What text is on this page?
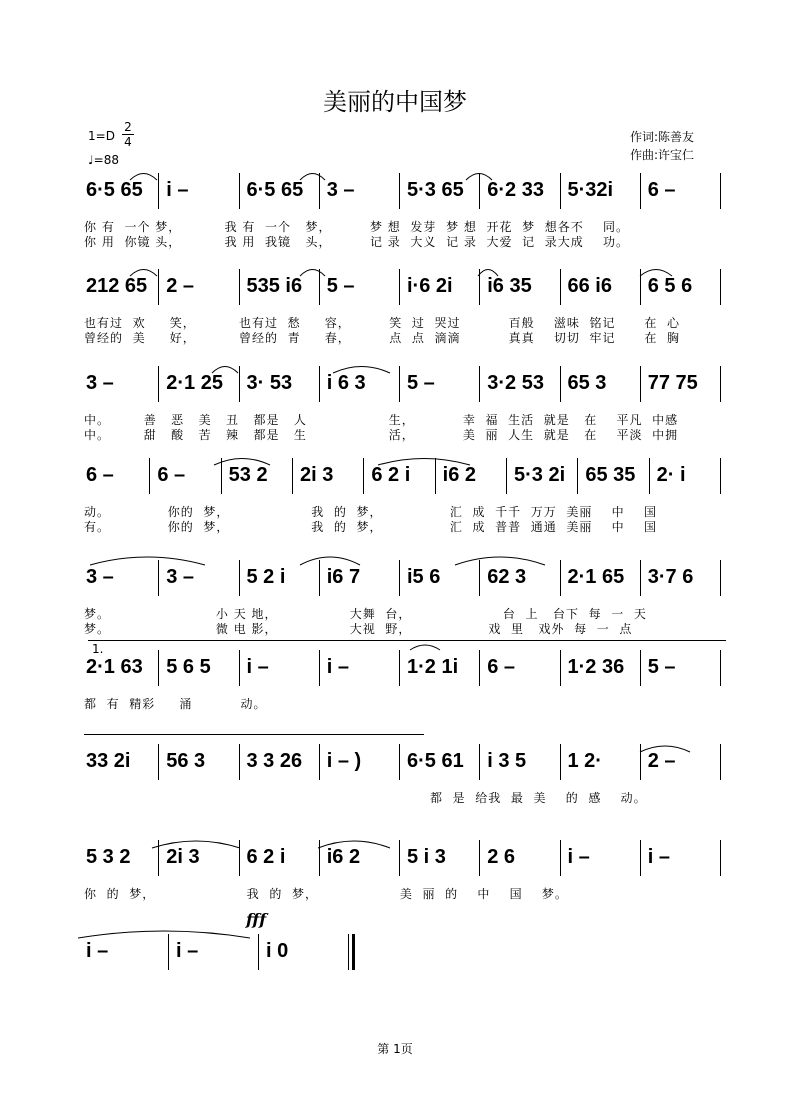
美丽的中国梦
1=D
2
4
♩=88
作词:陈善友
作曲:许宝仁
6·5 65 i –	6·5 65 3 –	5·3 65 6·2 33 5·32i 6 –
你 有  一个 梦，         我 有  一个   梦，        梦 想  发芽  梦 想  开花  梦  想各不    同。
你 用  你镜 头，         我 用  我镜   头，        记 录  大义  记 录  大爱  记  录大成    功。
212 65 2 –	535 i6 5 –	i·6 2i i6 35 66 i6 6 5 6
也有过  欢     笑，         也有过  愁     容，        笑  过  哭过          百般    滋味  铭记      在  心
曾经的  美     好，         曾经的  青     春，        点  点  滴滴          真真    切切  牢记      在  胸
3 –	2·1 25 3· 53 i 6 3 5 –	3·2 53 65 3 77 75
中。       善   恶   美   丑   都是   人                 生，          幸  福  生活  就是   在    平凡  中感
中。       甜   酸   苦   辣   都是   生                 活，          美  丽  人生  就是   在    平淡  中拥
6 – 6 – 53 2 2i 3 6 2 i i6 2 5·3 2i 65 35 2· i
动。            你的  梦，                 我  的  梦，              汇  成  千千  万万  美丽    中    国
有。            你的  梦，                 我  的  梦，              汇  成  普普  通通  美丽    中    国
3 –	3 –	5 2 i i6 7 i5 6 62 3 2·1 65 3·7 6
梦。                      小 天 地，               大舞  台，                   台  上   台下  每  一  天
梦。                      微 电 影，               大视  野，                戏  里   戏外  每  一  点
2·1 63 5 6 5 i –	i –	1·2 1i 6 –	1·2 36 5 –
都  有  精彩     涌          动。
33 2i 56 3 3 3 26 i – ) 6·5 61 i 3 5 1 2· 2 –
都  是  给我  最  美    的  感    动。
5 3 2 2i 3 6 2 i i6 2 5 i 3 2 6	i –	i –
你  的  梦，                   我  的  梦，                 美  丽  的    中    国    梦。
i –	i –	i 0
1.
fff
第 1页
